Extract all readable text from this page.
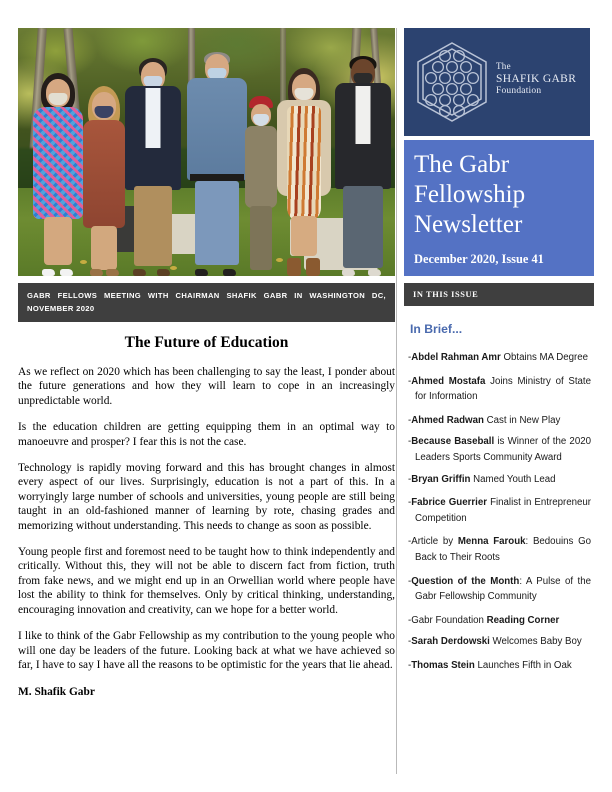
GABR FELLOWS MEETING WITH CHAIRMAN SHAFIK GABR IN WASHINGTON DC, NOVEMBER 2020
The Future of Education

As we reflect on 2020 which has been challenging to say the least, I ponder about the future generations and how they will learn to cope in an increasingly unpredictable world.

Is the education children are getting equipping them in an optimal way to manoeuvre and prosper? I fear this is not the case.

Technology is rapidly moving forward and this has brought changes in almost every aspect of our lives. Surprisingly, education is not a part of this. In a worryingly large number of schools and universities, young people are still being taught in an old-fashioned manner of learning by rote, chasing grades and memorizing without understanding. This needs to change as soon as possible.

Young people first and foremost need to be taught how to think independently and critically. Without this, they will not be able to discern fact from fiction, truth from fake news, and we might end up in an Orwellian world where people have lost the ability to think for themselves. Only by critical thinking, understanding, encouraging innovation and creativity, can we hope for a better world.

I like to think of the Gabr Fellowship as my contribution to the young people who will one day be leaders of the future. Looking back at what we have achieved so far, I have to say I have all the reasons to be optimistic for the years that lie ahead.

M. Shafik Gabr
The
SHAFIK GABR
Foundation
The Gabr Fellowship Newsletter
December 2020, Issue 41
IN THIS ISSUE
In Brief...
-Abdel Rahman Amr Obtains MA Degree
-Ahmed Mostafa Joins Ministry of State for Information
-Ahmed Radwan Cast in New Play
-Because Baseball is Winner of the 2020 Leaders Sports Community Award
-Bryan Griffin Named Youth Lead
-Fabrice Guerrier Finalist in Entrepreneur Competition
-Article by Menna Farouk: Bedouins Go Back to Their Roots
-Question of the Month: A Pulse of the Gabr Fellowship Community
-Gabr Foundation Reading Corner
-Sarah Derdowski Welcomes Baby Boy
-Thomas Stein Launches Fifth in Oak
